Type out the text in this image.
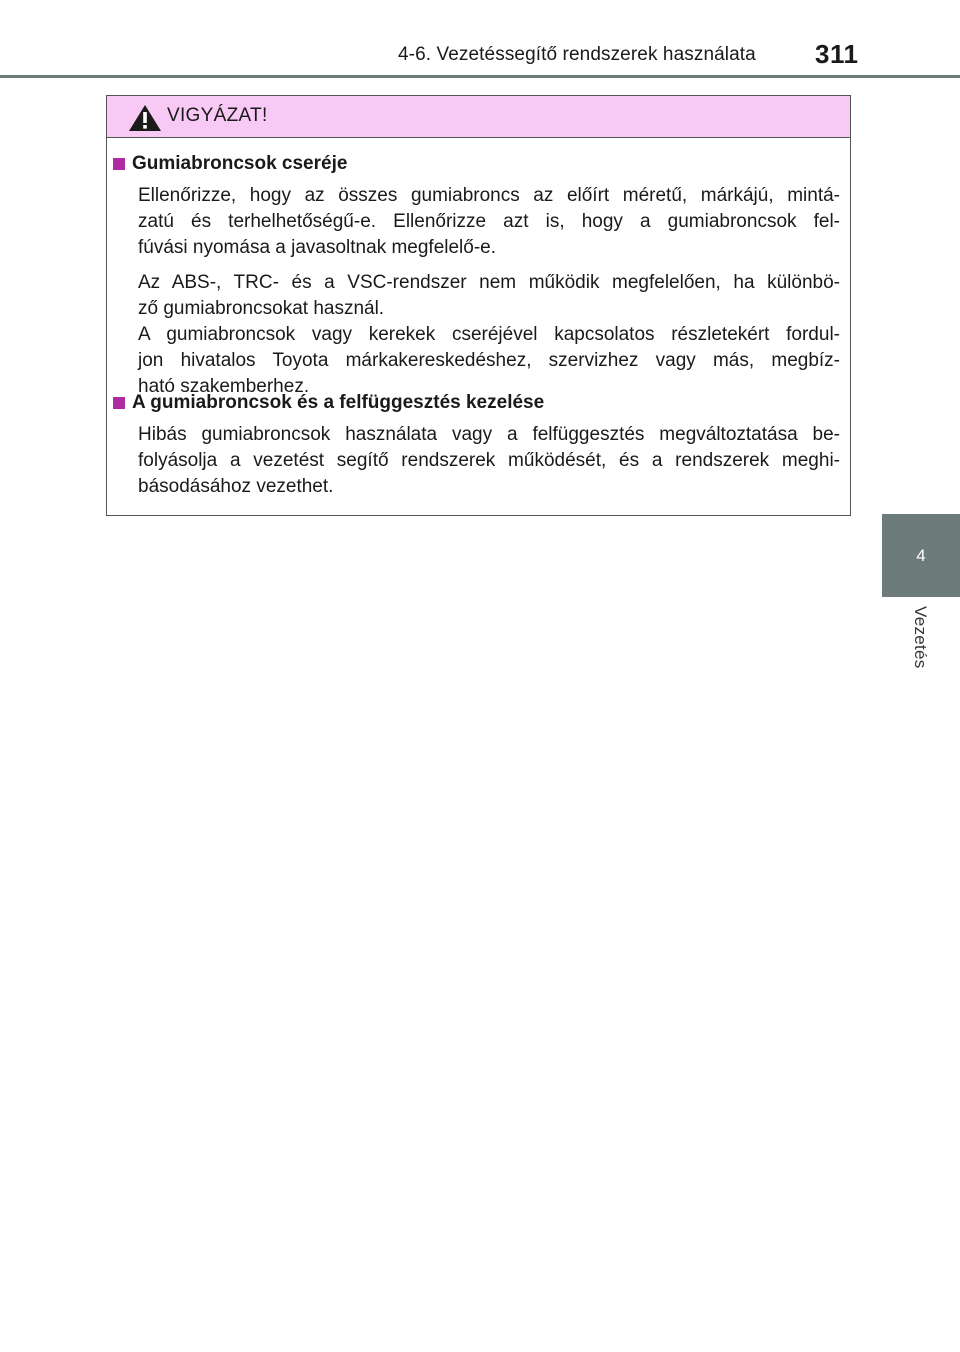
4-6. Vezetéssegítő rendszerek használata	311
4
Vezetés
VIGYÁZAT!
Gumiabroncsok cseréje
Ellenőrizze, hogy az összes gumiabroncs az előírt méretű, márkájú, mintá-
zatú és terhelhetőségű-e. Ellenőrizze azt is, hogy a gumiabroncsok fel-
fúvási nyomása a javasoltnak megfelelő-e.
Az ABS-, TRC- és a VSC-rendszer nem működik megfelelően, ha különbö-
ző gumiabroncsokat használ.
A gumiabroncsok vagy kerekek cseréjével kapcsolatos részletekért fordul-
jon hivatalos Toyota márkakereskedéshez, szervizhez vagy más, megbíz-
ható szakemberhez.
A gumiabroncsok és a felfüggesztés kezelése
Hibás gumiabroncsok használata vagy a felfüggesztés megváltoztatása be-
folyásolja a vezetést segítő rendszerek működését, és a rendszerek meghi-
básodásához vezethet.
